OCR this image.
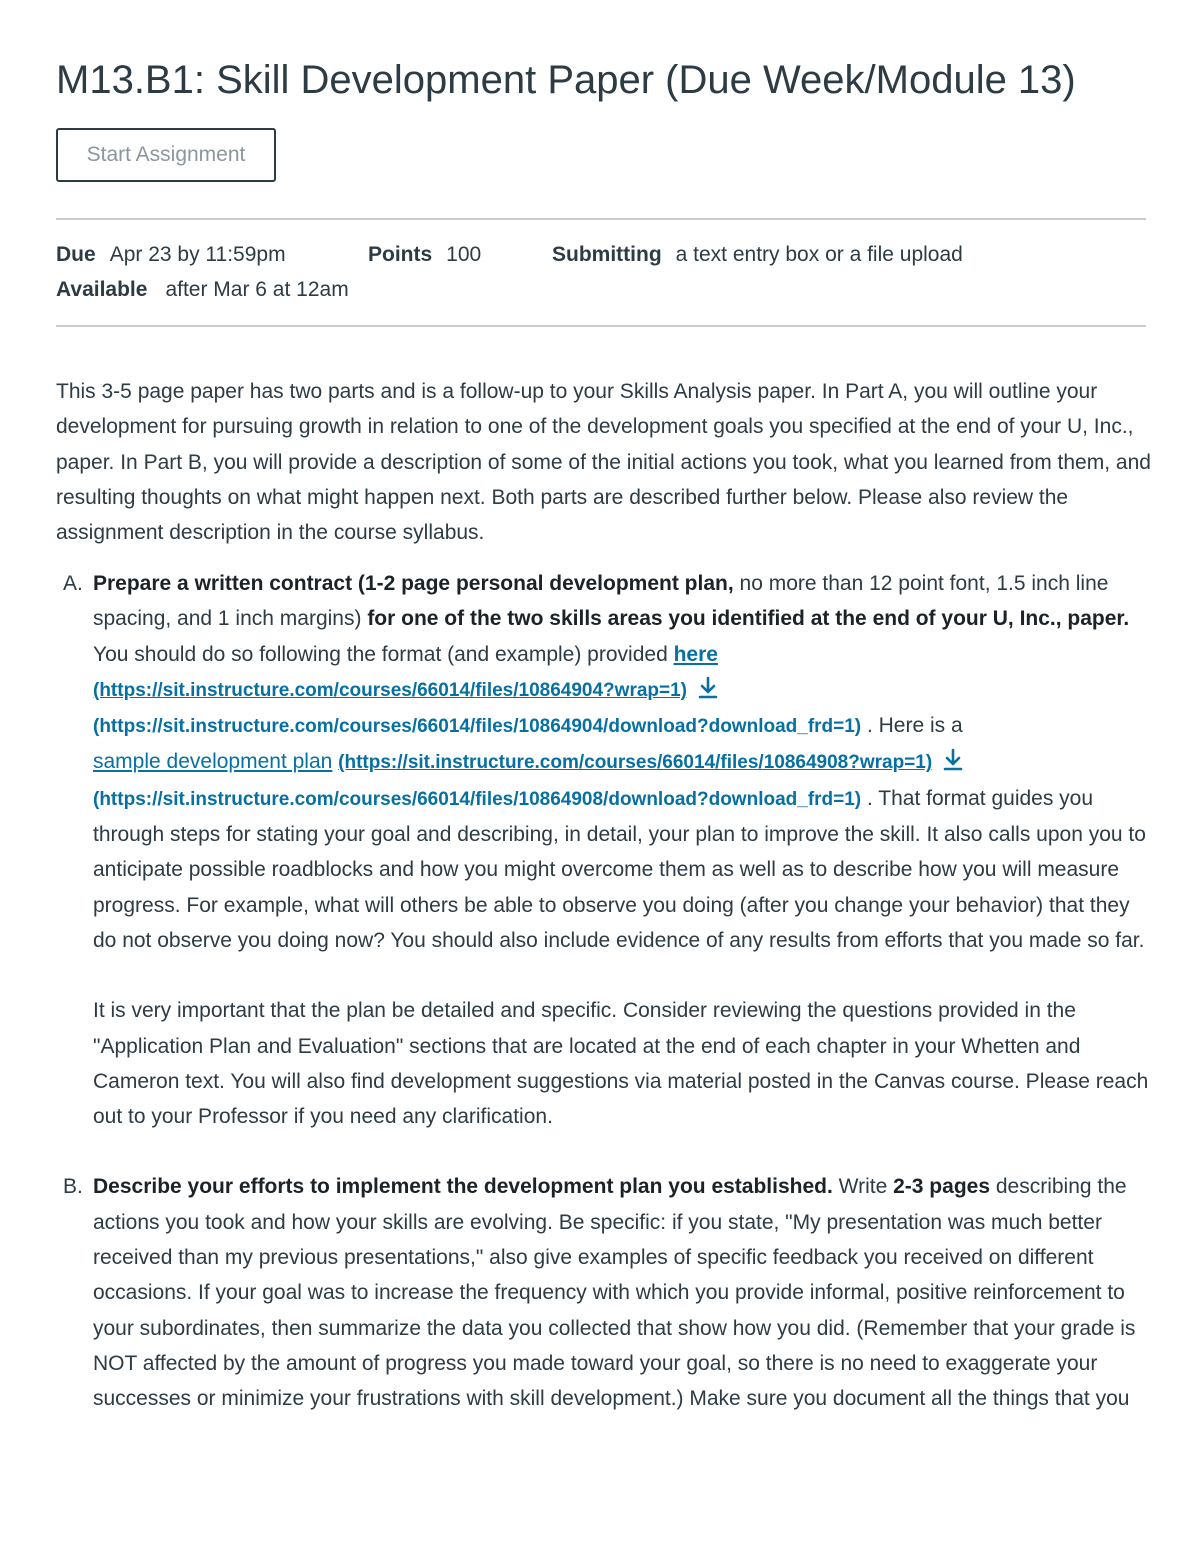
M13.B1: Skill Development Paper (Due Week/Module 13)
Start Assignment
Due Apr 23 by 11:59pm	Points 100	Submitting a text entry box or a file upload
Available after Mar 6 at 12am

This 3-5 page paper has two parts and is a follow-up to your Skills Analysis paper. In Part A, you will outline your development for pursuing growth in relation to one of the development goals you specified at the end of your U, Inc., paper. In Part B, you will provide a description of some of the initial actions you took, what you learned from them, and resulting thoughts on what might happen next. Both parts are described further below. Please also review the assignment description in the course syllabus.

A. Prepare a written contract (1-2 page personal development plan, no more than 12 point font, 1.5 inch line spacing, and 1 inch margins) for one of the two skills areas you identified at the end of your U, Inc., paper. You should do so following the format (and example) provided here
(https://sit.instructure.com/courses/66014/files/10864904?wrap=1)
(https://sit.instructure.com/courses/66014/files/10864904/download?download_frd=1) . Here is a
sample development plan (https://sit.instructure.com/courses/66014/files/10864908?wrap=1)
(https://sit.instructure.com/courses/66014/files/10864908/download?download_frd=1) . That format guides you through steps for stating your goal and describing, in detail, your plan to improve the skill. It also calls upon you to anticipate possible roadblocks and how you might overcome them as well as to describe how you will measure progress. For example, what will others be able to observe you doing (after you change your behavior) that they do not observe you doing now? You should also include evidence of any results from efforts that you made so far.

It is very important that the plan be detailed and specific. Consider reviewing the questions provided in the "Application Plan and Evaluation" sections that are located at the end of each chapter in your Whetten and Cameron text. You will also find development suggestions via material posted in the Canvas course. Please reach out to your Professor if you need any clarification.

B. Describe your efforts to implement the development plan you established. Write 2-3 pages describing the actions you took and how your skills are evolving. Be specific: if you state, "My presentation was much better received than my previous presentations," also give examples of specific feedback you received on different occasions. If your goal was to increase the frequency with which you provide informal, positive reinforcement to your subordinates, then summarize the data you collected that show how you did. (Remember that your grade is NOT affected by the amount of progress you made toward your goal, so there is no need to exaggerate your successes or minimize your frustrations with skill development.) Make sure you document all the things that you
